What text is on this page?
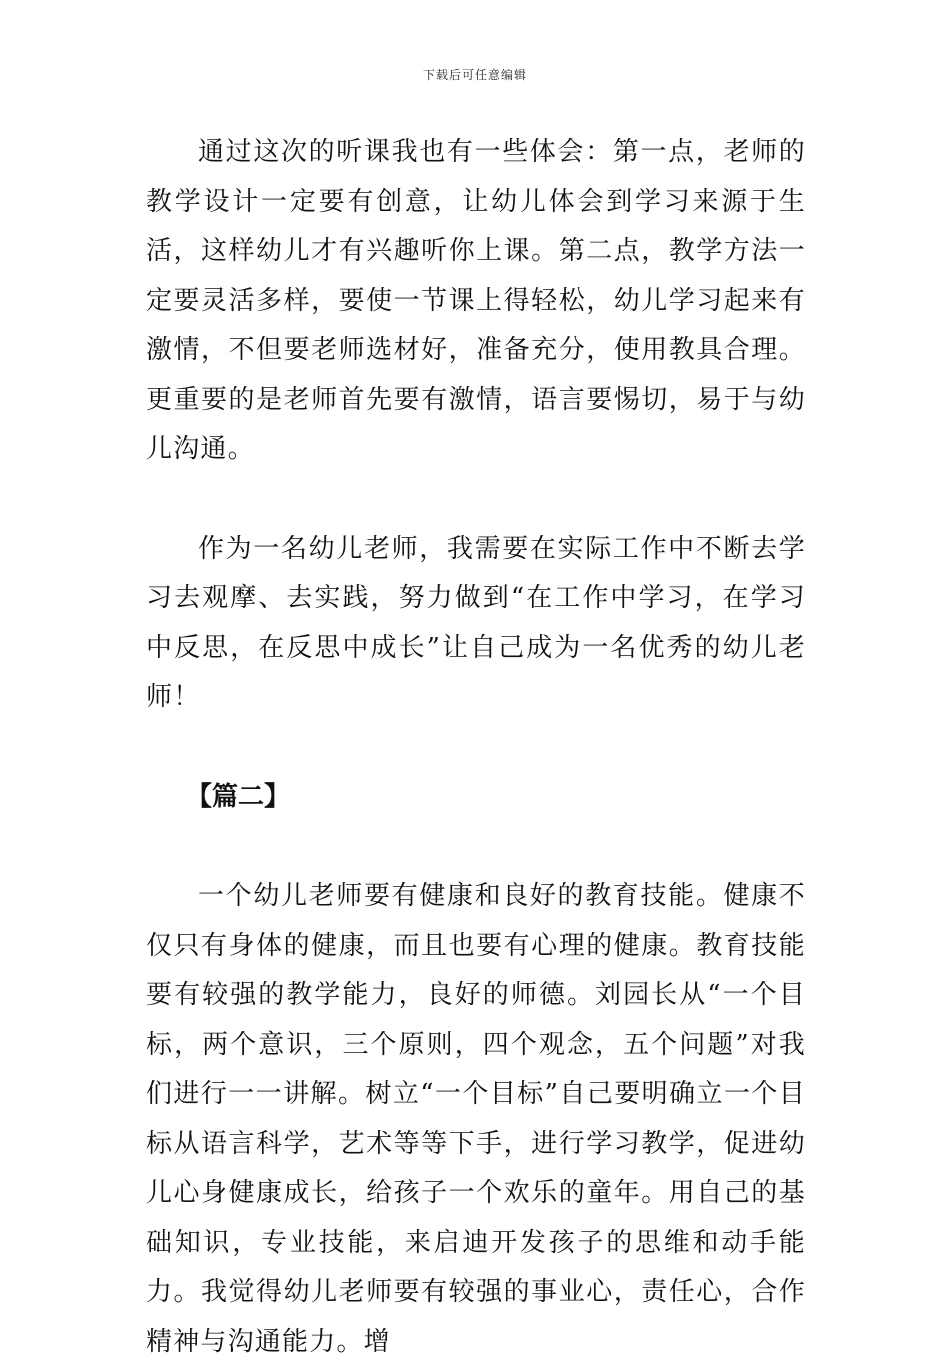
下载后可任意编辑

通过这次的听课我也有一些体会：第一点，老师的教学设计一定要有创意，让幼儿体会到学习来源于生活，这样幼儿才有兴趣听你上课。第二点，教学方法一定要灵活多样，要使一节课上得轻松，幼儿学习起来有激情，不但要老师选材好，准备充分，使用教具合理。更重要的是老师首先要有激情，语言要惕切，易于与幼儿沟通。

作为一名幼儿老师，我需要在实际工作中不断去学习去观摩、去实践，努力做到“在工作中学习，在学习中反思，在反思中成长”让自己成为一名优秀的幼儿老师！

【篇二】

一个幼儿老师要有健康和良好的教育技能。健康不仅只有身体的健康，而且也要有心理的健康。教育技能要有较强的教学能力，良好的师德。刘园长从“一个目标，两个意识，三个原则，四个观念，五个问题”对我们进行一一讲解。树立“一个目标”自己要明确立一个目标从语言科学，艺术等等下手，进行学习教学，促进幼儿心身健康成长，给孩子一个欢乐的童年。用自己的基础知识，专业技能，来启迪开发孩子的思维和动手能力。我觉得幼儿老师要有较强的事业心，责任心，合作精神与沟通能力。增
